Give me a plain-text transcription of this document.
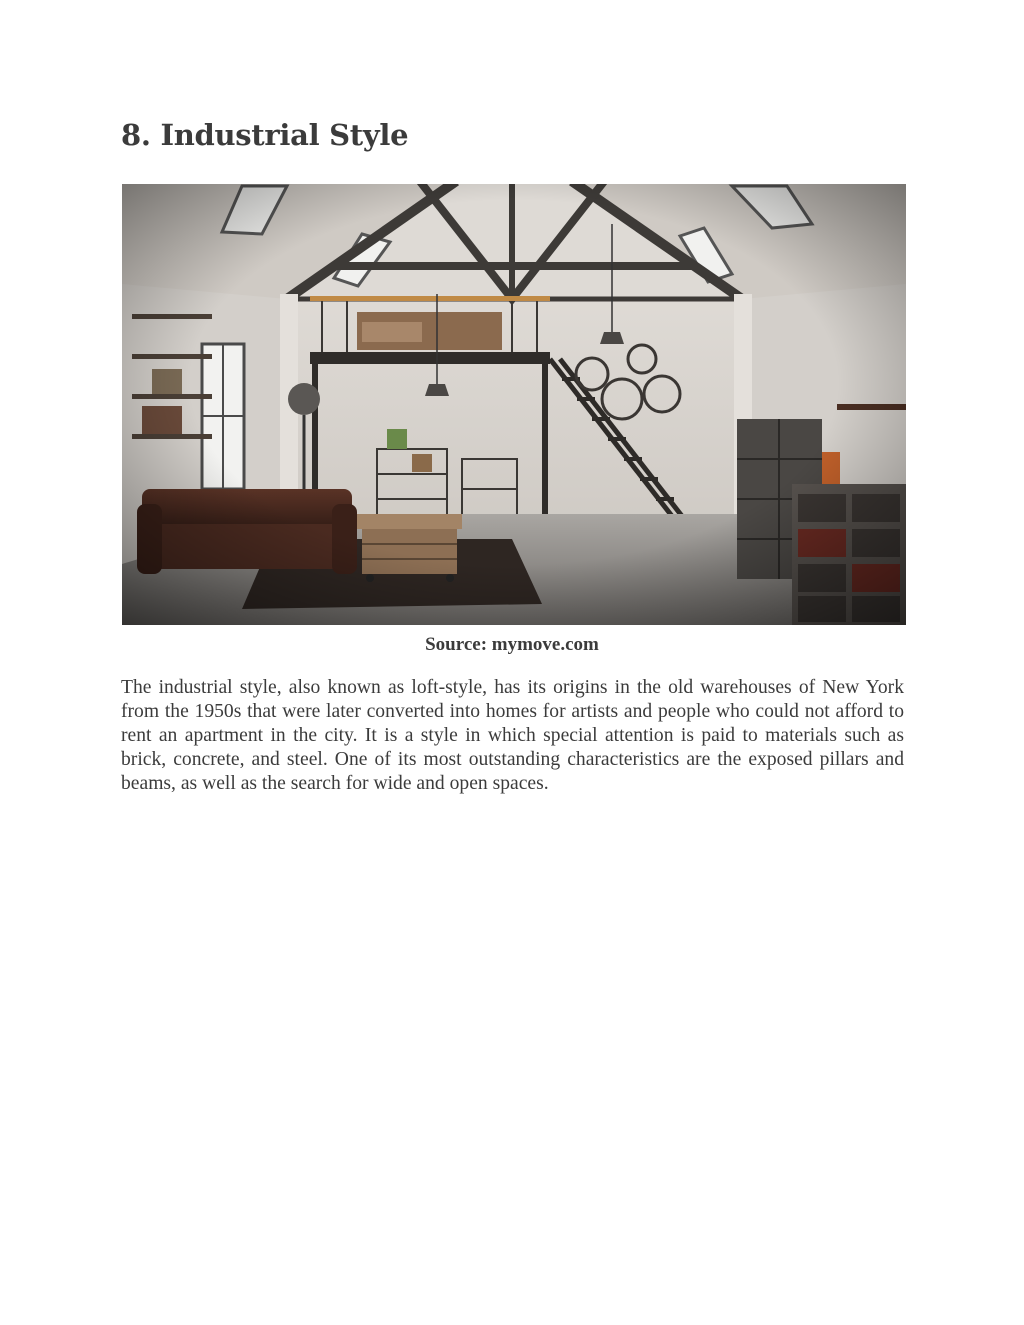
8. Industrial Style
Source: mymove.com

The industrial style, also known as loft-style, has its origins in the old warehouses of New York from the 1950s that were later converted into homes for artists and people who could not afford to rent an apartment in the city. It is a style in which special attention is paid to materials such as brick, concrete, and steel. One of its most outstanding characteristics are the exposed pillars and beams, as well as the search for wide and open spaces.
